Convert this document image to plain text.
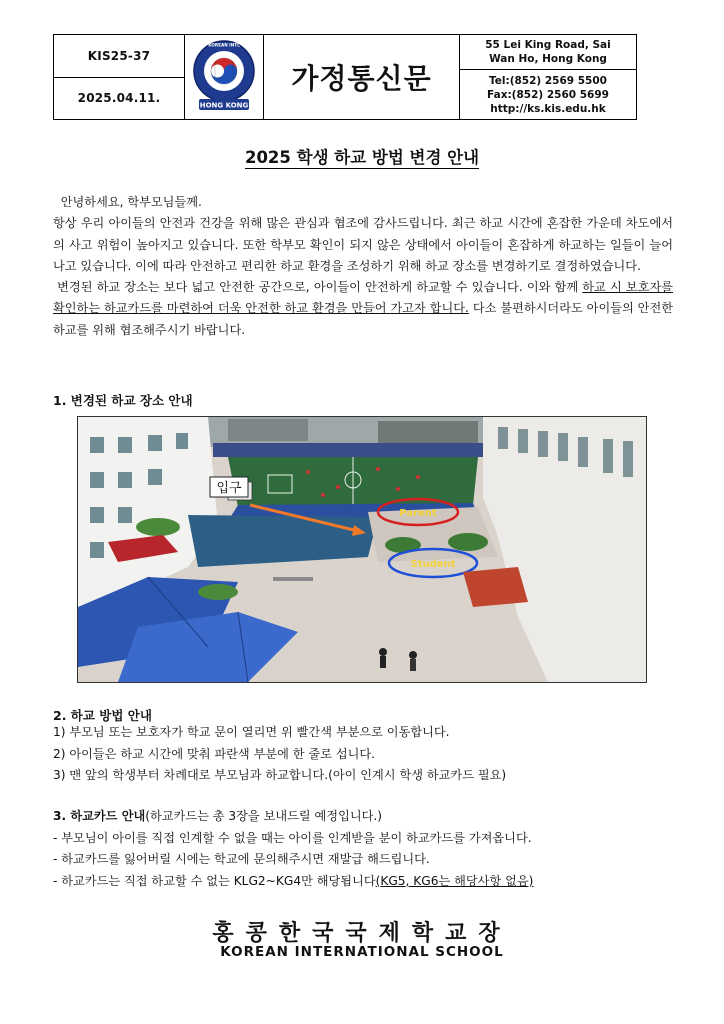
KIS25-37
2025.04.11.
KOREAN INTL
HONG KONG
가정통신문
55 Lei King Road, Sai
Wan Ho, Hong Kong
Tel:(852) 2569 5500
Fax:(852) 2560 5699
http://ks.kis.edu.hk
2025 학생 하교 방법 변경 안내

안녕하세요, 학부모님들께.

항상 우리 아이들의 안전과 건강을 위해 많은 관심과 협조에 감사드립니다. 최근 하교 시간에 혼잡한 가운데 차도에서의 사고 위험이 높아지고 있습니다. 또한 학부모 확인이 되지 않은 상태에서 아이들이 혼잡하게 하교하는 일들이 늘어나고 있습니다. 이에 따라 안전하고 편리한 하교 환경을 조성하기 위해 하교 장소를 변경하기로 결정하였습니다.

변경된 하교 장소는 보다 넓고 안전한 공간으로, 아이들이 안전하게 하교할 수 있습니다. 이와 함께 하교 시 보호자를 확인하는 하교카드를 마련하여 더욱 안전한 하교 환경을 만들어 가고자 합니다. 다소 불편하시더라도 아이들의 안전한 하교를 위해 협조해주시기 바랍니다.

1. 변경된 하교 장소 안내
Parent
Student
입구
2. 하교 방법 안내
1) 부모님 또는 보호자가 학교 문이 열리면 위 빨간색 부분으로 이동합니다.
2) 아이들은 하교 시간에 맞춰 파란색 부분에 한 줄로 섭니다.
3) 맨 앞의 학생부터 차례대로 부모님과 하교합니다.(아이 인계시 학생 하교카드 필요)
3. 하교카드 안내(하교카드는 총 3장을 보내드릴 예정입니다.)
- 부모님이 아이를 직접 인계할 수 없을 때는 아이를 인계받을 분이 하교카드를 가져옵니다.
- 하교카드를 잃어버릴 시에는 학교에 문의해주시면 재발급 해드립니다.
- 하교카드는 직접 하교할 수 없는 KLG2~KG4만 해당됩니다(KG5, KG6는 해당사항 없음)
홍콩한국국제학교장
KOREAN INTERNATIONAL SCHOOL
